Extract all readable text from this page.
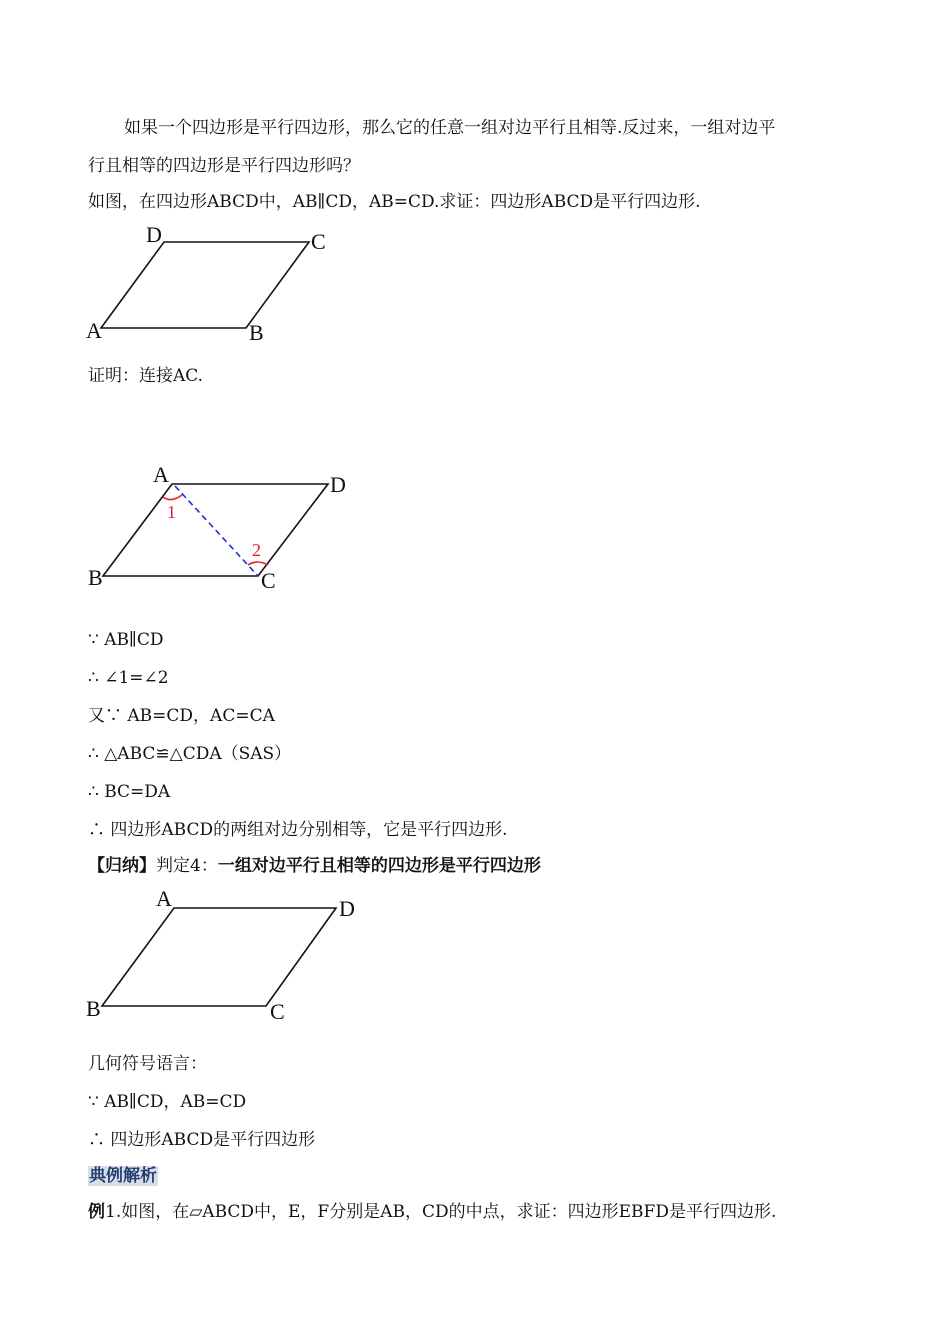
如果一个四边形是平行四边形，那么它的任意一组对边平行且相等.反过来，一组对边平
行且相等的四边形是平行四边形吗？
如图，在四边形ABCD中，AB∥CD，AB=CD.求证：四边形ABCD是平行四边形.
A	B
C
D
1
2
A
B	C
D
A
B	C
D
证明：连接AC.
∵ AB∥CD
∴ ∠1=∠2
又∵ AB=CD，AC=CA
∴ △ABC≌△CDA（SAS）
∴ BC=DA
∴ 四边形ABCD的两组对边分别相等，它是平行四边形.
【归纳】判定4：一组对边平行且相等的四边形是平行四边形
几何符号语言：
∵ AB∥CD，AB=CD
∴ 四边形ABCD是平行四边形
典例解析
例1.如图，在▱ABCD中，E，F分别是AB，CD的中点，求证：四边形EBFD是平行四边形.
